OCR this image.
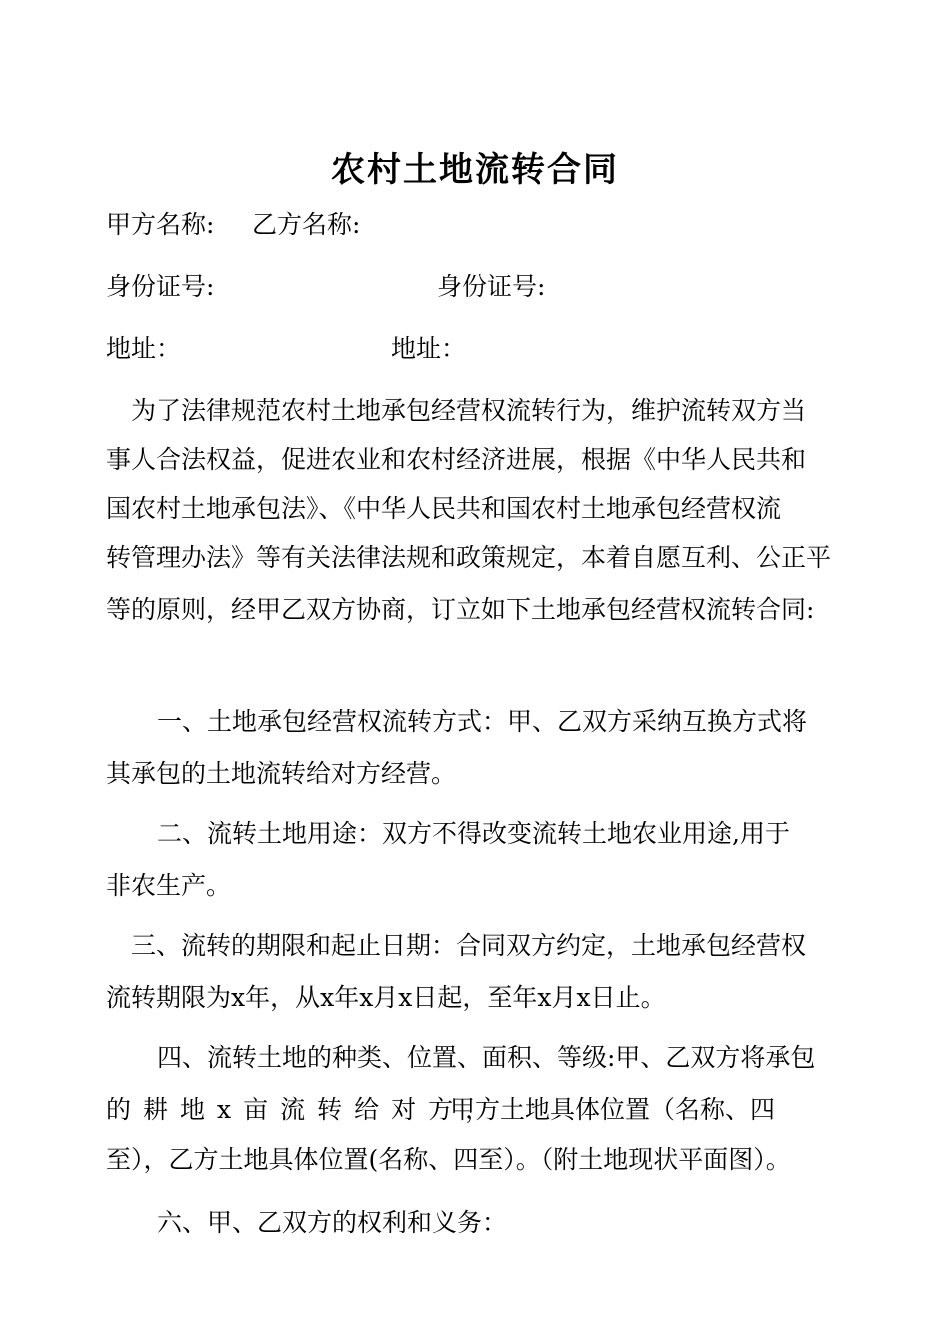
农村土地流转合同
甲方名称: 乙方名称:
身份证号:	身份证号:
地址：	地址：
为了法律规范农村土地承包经营权流转行为，维护流转双方当
事人合法权益，促进农业和农村经济进展，根据《中华人民共和
国农村土地承包法》、《中华人民共和国农村土地承包经营权流
转管理办法》等有关法律法规和政策规定，本着自愿互利、公正平
等的原则，经甲乙双方协商，订立如下土地承包经营权流转合同:
一、土地承包经营权流转方式：甲、乙双方采纳互换方式将
其承包的土地流转给对方经营。
二、流转土地用途：双方不得改变流转土地农业用途,用于
非农生产。
三、流转的期限和起止日期：合同双方约定，土地承包经营权
流转期限为x年，从x年x月x日起，至年x月x日止。
四、流转土地的种类、位置、面积、等级:甲、乙双方将承包
的耕地x亩流转给对方，
甲方土地具体位置（名称、四
至），乙方土地具体位置(名称、四至）。（附土地现状平面图）。
六、甲、乙双方的权利和义务：
